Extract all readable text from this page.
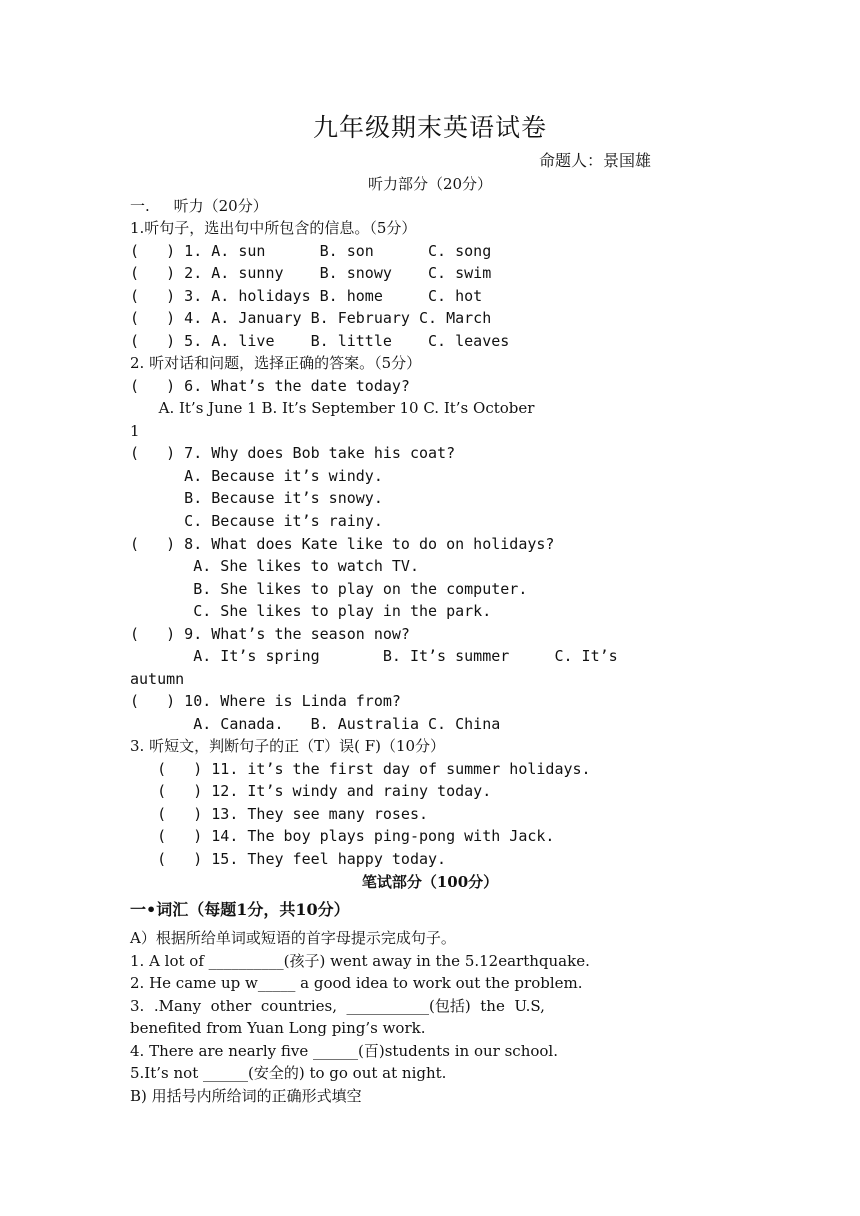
九年级期末英语试卷
命题人：景国雄
听力部分（20分）
一.     听力（20分）
1.听句子，选出句中所包含的信息。（5分）
(   ) 1. A. sun      B. son      C. song
(   ) 2. A. sunny    B. snowy    C. swim
(   ) 3. A. holidays B. home     C. hot
(   ) 4. A. January B. February C. March
(   ) 5. A. live    B. little    C. leaves
2. 听对话和问题，选择正确的答案。（5分）
(   ) 6. What’s the date today?
A. It’s June 1 B. It’s September 10 C. It’s October
1
(   ) 7. Why does Bob take his coat?
A. Because it’s windy.
B. Because it’s snowy.
C. Because it’s rainy.
(   ) 8. What does Kate like to do on holidays?
A. She likes to watch TV.
B. She likes to play on the computer.
C. She likes to play in the park.
(   ) 9. What’s the season now?
A. It’s spring       B. It’s summer     C. It’s
autumn
(   ) 10. Where is Linda from?
A. Canada.   B. Australia C. China
3. 听短文，判断句子的正（T）误( F)（10分）
(   ) 11. it’s the first day of summer holidays.
(   ) 12. It’s windy and rainy today.
(   ) 13. They see many roses.
(   ) 14. The boy plays ping-pong with Jack.
(   ) 15. They feel happy today.
笔试部分（100分）
一•词汇（每题1分，共10分）
A）根据所给单词或短语的首字母提示完成句子。
1. A lot of __________(孩子) went away in the 5.12earthquake.
2. He came up w_____ a good idea to work out the problem.
3.  .Many  other  countries,  ___________(包括)  the  U.S,
benefited from Yuan Long ping’s work.
4. There are nearly five ______(百)students in our school.
5.It’s not ______(安全的) to go out at night.
B) 用括号内所给词的正确形式填空
